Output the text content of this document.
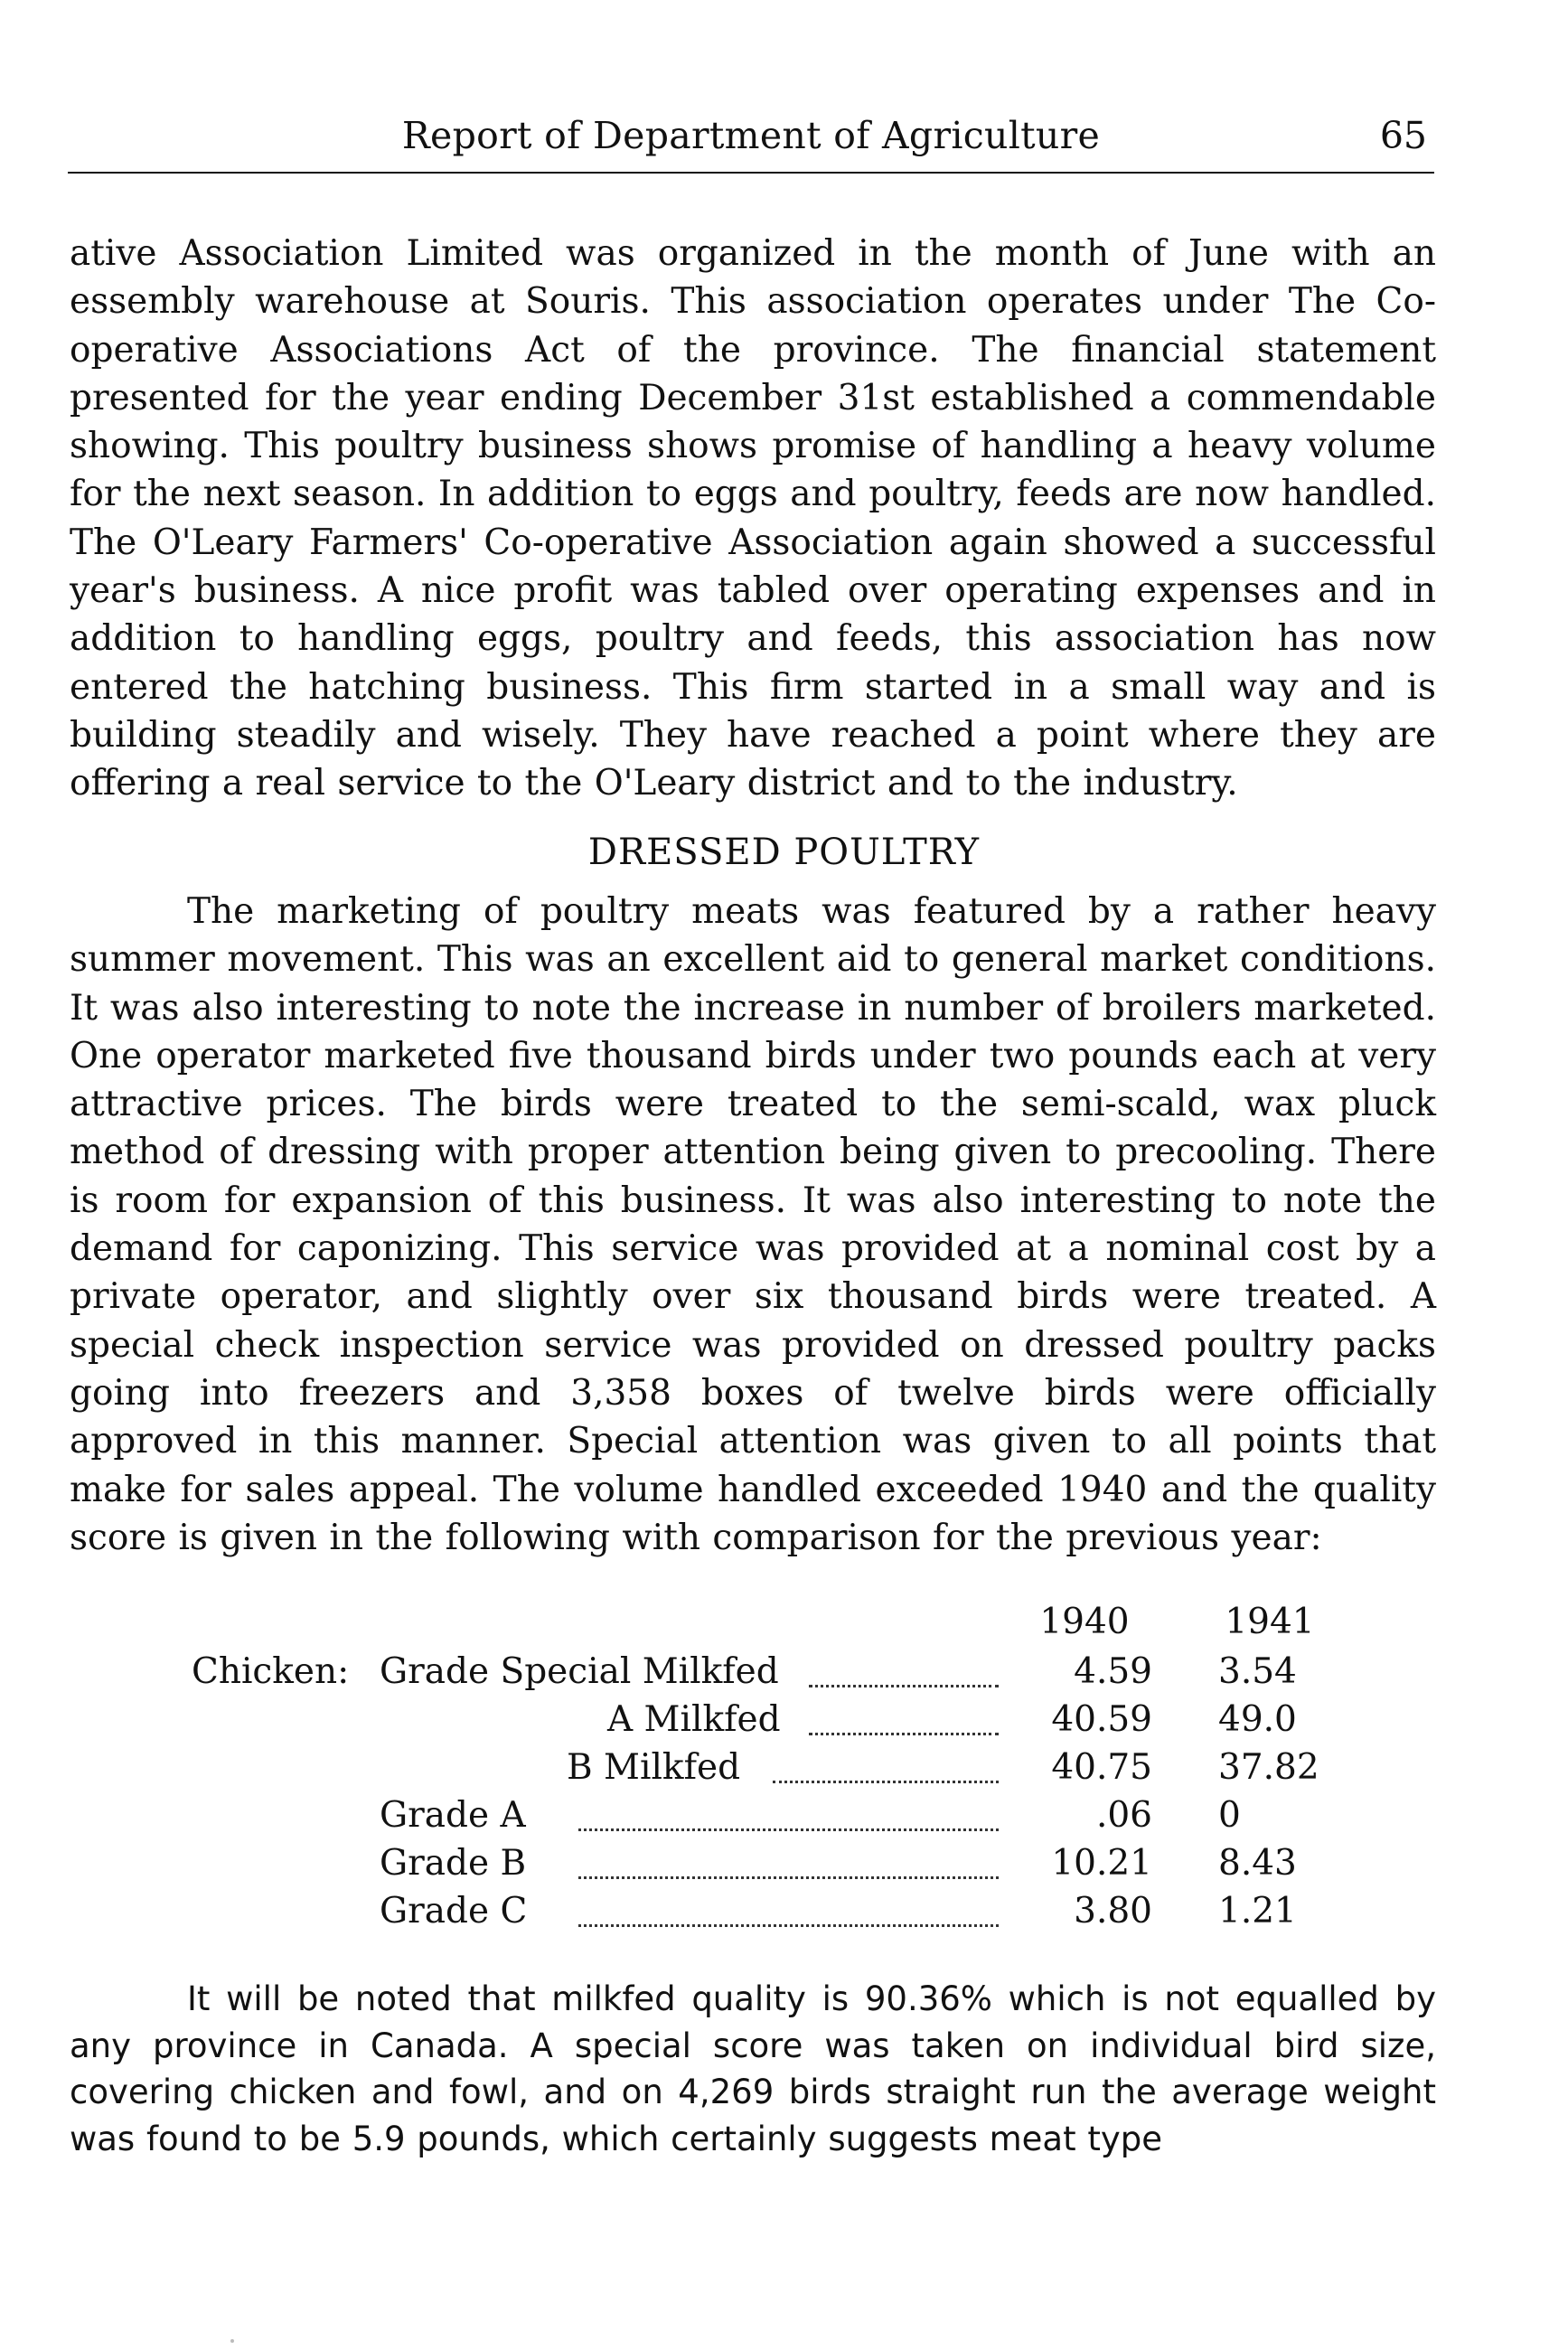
Report of Department of Agriculture	65

ative Association Limited was organized in the month of June with an essembly warehouse at Souris. This association operates under The Co-operative Associations Act of the province. The financial statement presented for the year ending December 31st established a commendable showing. This poultry business shows promise of handling a heavy volume for the next season. In addition to eggs and poultry, feeds are now handled. The O'Leary Farmers' Co-operative Association again showed a successful year's business. A nice profit was tabled over operating expenses and in addition to handling eggs, poultry and feeds, this association has now entered the hatching business. This firm started in a small way and is building steadily and wisely. They have reached a point where they are offering a real service to the O'Leary district and to the industry.

DRESSED POULTRY

The marketing of poultry meats was featured by a rather heavy summer movement. This was an excellent aid to general market conditions. It was also interesting to note the increase in number of broilers marketed. One operator marketed five thousand birds under two pounds each at very attractive prices. The birds were treated to the semi-scald, wax pluck method of dressing with proper attention being given to precooling. There is room for expansion of this business. It was also interesting to note the demand for caponizing. This service was provided at a nominal cost by a private operator, and slightly over six thousand birds were treated. A special check inspection service was provided on dressed poultry packs going into freezers and 3,358 boxes of twelve birds were officially approved in this manner. Special attention was given to all points that make for sales appeal. The volume handled exceeded 1940 and the quality score is given in the following with comparison for the previous year:

1940	1941
Chicken: Grade Special Milkfed	4.59 3.54
A Milkfed	40.59 49.0
B Milkfed	40.75 37.82
Grade A	.06 0
Grade B	10.21 8.43
Grade C	3.80 1.21

It will be noted that milkfed quality is 90.36% which is not equalled by any province in Canada. A special score was taken on individual bird size, covering chicken and fowl, and on 4,269 birds straight run the average weight was found to be 5.9 pounds, which certainly suggests meat type
